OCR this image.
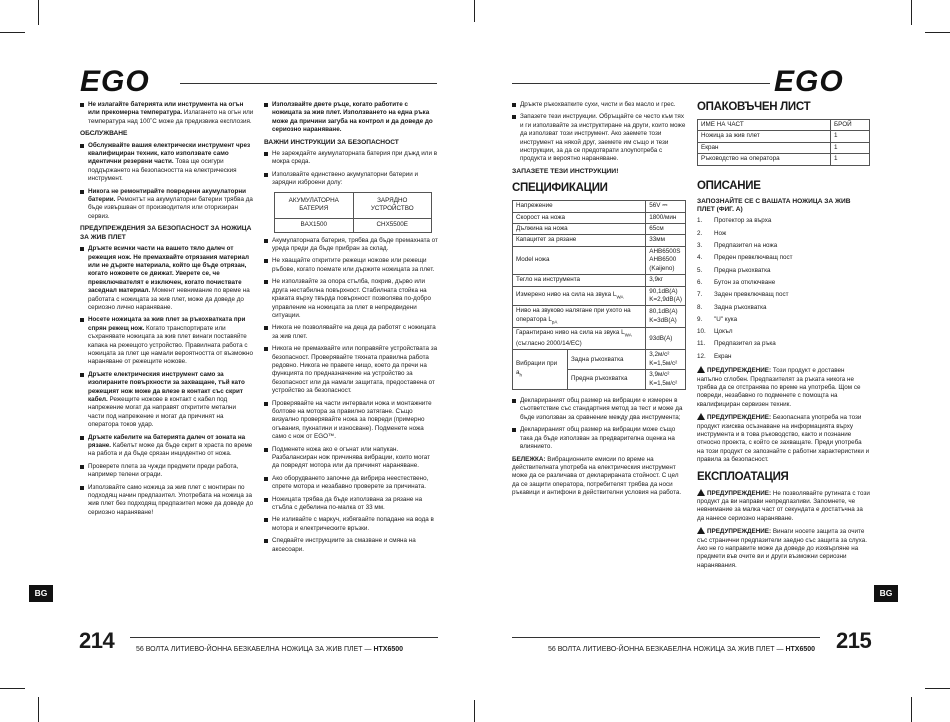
EGO
Не излагайте батерията или инструмента на огън или прекомерна температура. Излагането на огън или температура над 100˚С може да предизвика експлозия.
ОБСЛУЖВАНЕ
Обслужвайте вашия електрически инструмент чрез квалифициран техник, като използвате само идентични резервни части. Това ще осигури поддържането на безопасността на електрическия инструмент.
Никога не ремонтирайте повредени акумулаторни батерии. Ремонтът на акумулаторни батерии трябва да бъде извършван от производителя или оторизиран сервиз.
ПРЕДУПРЕЖДЕНИЯ ЗА БЕЗОПАСНОСТ ЗА НОЖИЦА ЗА ЖИВ ПЛЕТ
Дръжте всички части на вашето тяло далеч от режещия нож. Не премахвайте отрязания материал или не държте материала, който ще бъде отрязан, когато ножовете се движат. Уверете се, че превключвателят е изключен, когато почиствате заседнал материал. Момент невнимание по време на работата с ножицата за жив плет, може да доведе до сериозно лично нараняване.
Носете ножицата за жив плет за ръкохватката при спрян режещ нож. Когато транспортирате или съхранявате ножицата за жив плет винаги поставяйте капака на режещото устройство. Правилната работа с ножицата за плет ще намали вероятността от възможно нараняване от режещите ножове.
Дръжте електрическия инструмент само за изолираните повърхности за захващане, тъй като режещият нож може да влезе в контакт със скрит кабел. Режещите ножове в контакт с кабел под напрежение могат да направят откритите метални части под напрежение и могат да причинят на оператора токов удар.
Дръжте кабелите на батерията далеч от зоната на рязане. Кабелът може да бъде скрит в храста по време на работа и да бъде срязан инцидентно от ножа.
Проверете плета за чужди предмети преди работа, например телени огради.
Използвайте само ножица за жив плет с монтиран по подходящ начин предпазител. Употребата на ножица за жив плет без подходящ предпазител може да доведе до сериозно нараняване!
Използвайте двете ръце, когато работите с ножицата за жив плет. Използването на една ръка може да причини загуба на контрол и да доведе до сериозно нараняване.
ВАЖНИ ИНСТРУКЦИИ ЗА БЕЗОПАСНОСТ
Не зареждайте акумулаторната батерия при дъжд или в мокра среда.
Използвайте единствено акумулаторни батерии и зарядни изброени долу:
АКУМУЛАТОРНА БАТЕРИЯ	ЗАРЯДНО УСТРОЙСТВО
BAX1500	CHX5500E
Акумулаторната батерия, трябва да бъде премахната от уреда преди да бъде прибран за склад.
Не хващайте откритите режещи ножове или режещи ръбове, когато поемате или държите ножицата за плет.
Не използвайте за опора стълба, покрив, дърво или друга нестабилна повърхност. Стабилната стойка на краката върху твърда повърхност позволява по-добро управление на ножицата за плет в непредвидени ситуации.
Никога не позволявайте на деца да работят с ножицата за жив плет.
Никога не премахвайте или поправяйте устройствата за безопасност. Проверявайте тяхната правилна работа редовно. Никога не правете нищо, което да пречи на функцията по предназначение на устройство за безопасност или да намали защитата, предоставена от устройство за безопасност.
Проверявайте на части интервали ножа и монтажните болтове на мотора за правилно затягане. Също визуално проверявайте ножа за повреди (примерно огъвания, пукнатини и износване). Подменете ножа само с нож от EGO™.
Подменете ножа ако е огънат или напукан. Разбалансиран нож причинява вибрации, които могат да повредят мотора или да причинят нараняване.
Ако оборудването започне да вибрира неестествено, спрете мотора и незабавно проверете за причината.
Ножицата трябва да бъде използвана за рязане на стъбла с дебелина по-малка от 33 мм.
Не изливайте с маркуч, избягвайте попадане на вода в мотора и електрическите връзки.
Спедвайте инструкциите за смазване и смяна на аксесоари.
BG
214	56 ВОЛТА ЛИТИЕВО-ЙОННА БЕЗКАБЕЛНА НОЖИЦА ЗА ЖИВ ПЛЕТ — HTX6500
EGO
Дръжте ръкохватките сухи, чисти и без масло и грес.
Запазете тези инструкции. Обръщайте се често към тях и ги използвайте за инструктиране на други, които може да използват този инструмент. Ако заемете този инструмент на някой друг, заемете им също и тези инструкции, за да се предотврати злоупотреба с продукта и вероятно нараняване.
ЗАПАЗЕТЕ ТЕЗИ ИНСТРУКЦИИ!
СПЕЦИФИКАЦИИ
Напрежение		56V ⎓
Скорост на ножа		1800/мин
Дължина на ножа		65см
Капацитет за рязане		33мм
Model ножа		AHB6500S
AHB6500
(Kaijeno)

Тегло на инструмента		3,9кг
Измерено ниво на сила на звука $L_{WA}$		90,1dB(A)
K=2,9dB(A)

Ниво на звуково налягане при ухото на оператора $L_{pA}$		80,1dB(A)
K=3dB(A)

Гарантирано ниво на сила на звука $L_{WA}$ (съгласно 2000/14/EC)		93dB(A)
Вибрации при $a_h$	Задна ръкохватка	3,2м/с²
K=1,5м/с²

	Предна ръкохватка	3,9м/с²
K=1,5м/с²
Декларираният общ размер на вибрации е измерен в съответствие със стандартния метод за тест и може да бъде използван за сравнение между два инструмента;
Декларираният общ размер на вибрации може също така да бъде използван за предварителна оценка на влиянието.

БЕЛЕЖКА: Вибрационните емисии по време на действителната употреба на електрическия инструмент може да се различава от декларираната стойност. С цел да се защити операторa, потребителят трябва да носи ръкавици и антифони в действителни условия на работа.

ОПАКОВЪЧЕН ЛИСТ
ИМЕ НА ЧАСТ	БРОЙ
Ножица за жив плет	1
Екран	1
Ръководство на оператора	1
ОПИСАНИЕ
ЗАПОЗНАЙТЕ СЕ С ВАШАТА НОЖИЦА ЗА ЖИВ ПЛЕТ (ФИГ. А)
1.	Протектор за върха
2.	Нож
3.	Предпазител на ножа
4.	Преден превключващ пост
5.	Предна ръкохватка
6.	Бутон за отключване
7.	Заден превключващ пост
8.	Задна ръкохватка
9.	"U" кука
10.	Цокъл
11.	Предпазител за ръка
12.	Екран

ПРЕДУПРЕЖДЕНИЕ: Този продукт е доставен напълно сглобен. Предпазителят за ръката никога не трябва да се отстранява по време на употреба. Щом се повреди, незабавно го подменете с помощта на квалифициран сервизен техник.

ПРЕДУПРЕЖДЕНИЕ: Безопасната употреба на този продукт изисква осъзнаване на информацията върху инструмента и в това ръководство, както и познание относно проекта, с който се захващате. Преди употреба на този продукт се запознайте с работни характеристики и правила за безопасност.

ЕКСПЛОАТАЦИЯ

ПРЕДУПРЕЖДЕНИЕ: Не позволявайте рутината с този продукт да ви направи непредпазливи. Запомнете, че невнимание за малка част от секундата е достатъчна за да нанесе сериозно нараняване.

ПРЕДУПРЕЖДЕНИЕ: Винаги носете защита за очите със странични предпазители заедно със защита за слуха. Ако не го направите може да доведе до изхвърляне на предмети във очите ви и други възможни сериозни наранявания.

BG
215
56 ВОЛТА ЛИТИЕВО-ЙОННА БЕЗКАБЕЛНА НОЖИЦА ЗА ЖИВ ПЛЕТ — HTX6500
